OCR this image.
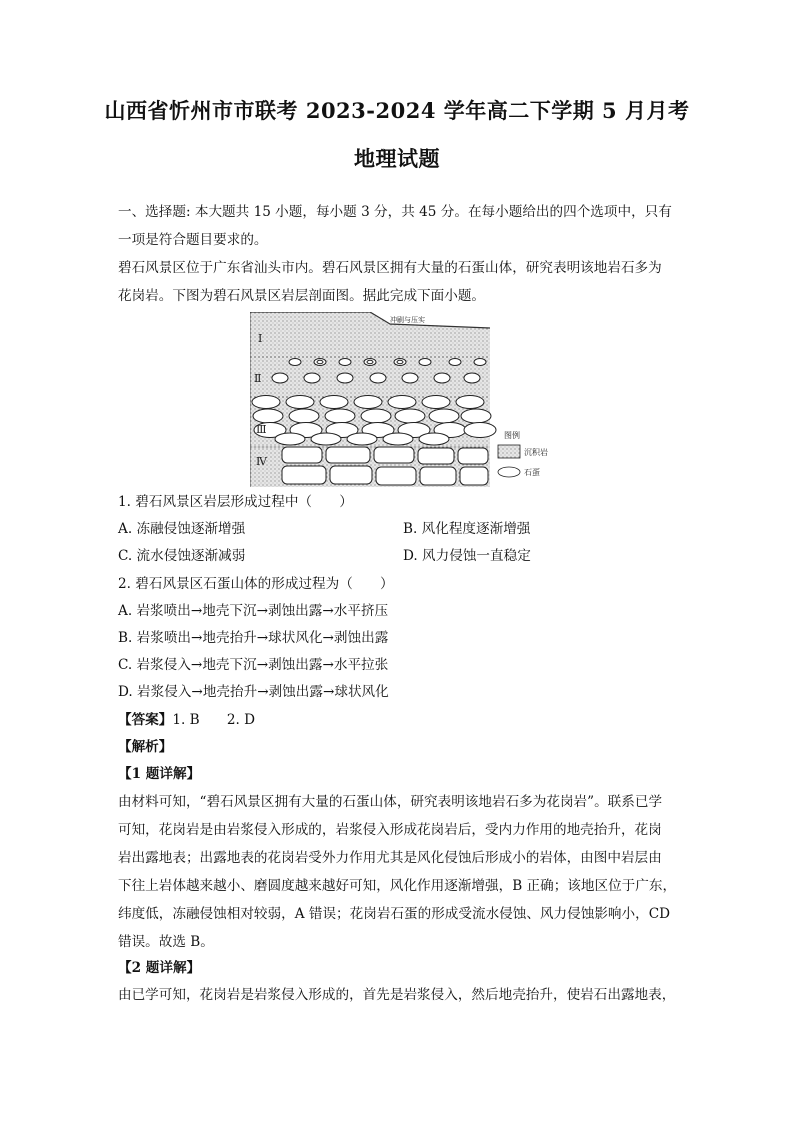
山西省忻州市市联考 2023-2024 学年高二下学期 5 月月考
地理试题
一、选择题: 本大题共 15 小题，每小题 3 分，共 45 分。在每小题给出的四个选项中，只有
一项是符合题目要求的。
碧石风景区位于广东省汕头市内。碧石风景区拥有大量的石蛋山体，研究表明该地岩石多为
花岗岩。下图为碧石风景区岩层剖面图。据此完成下面小题。
Ⅰ
Ⅱ
Ⅲ
Ⅳ
冲刷与压实
图例
沉积岩
石蛋
1. 碧石风景区岩层形成过程中（　　）
A. 冻融侵蚀逐渐增强	B. 风化程度逐渐增强
C. 流水侵蚀逐渐减弱	D. 风力侵蚀一直稳定
2. 碧石风景区石蛋山体的形成过程为（　　）
A. 岩浆喷出→地壳下沉→剥蚀出露→水平挤压
B. 岩浆喷出→地壳抬升→球状风化→剥蚀出露
C. 岩浆侵入→地壳下沉→剥蚀出露→水平拉张
D. 岩浆侵入→地壳抬升→剥蚀出露→球状风化
【答案】1. B　　2. D
【解析】
【1 题详解】
由材料可知，“碧石风景区拥有大量的石蛋山体，研究表明该地岩石多为花岗岩”。联系已学
可知，花岗岩是由岩浆侵入形成的，岩浆侵入形成花岗岩后，受内力作用的地壳抬升，花岗
岩出露地表；出露地表的花岗岩受外力作用尤其是风化侵蚀后形成小的岩体，由图中岩层由
下往上岩体越来越小、磨圆度越来越好可知，风化作用逐渐增强，B 正确；该地区位于广东，
纬度低，冻融侵蚀相对较弱，A 错误；花岗岩石蛋的形成受流水侵蚀、风力侵蚀影响小，CD
错误。故选 B。
【2 题详解】
由已学可知，花岗岩是岩浆侵入形成的，首先是岩浆侵入，然后地壳抬升，使岩石出露地表，
